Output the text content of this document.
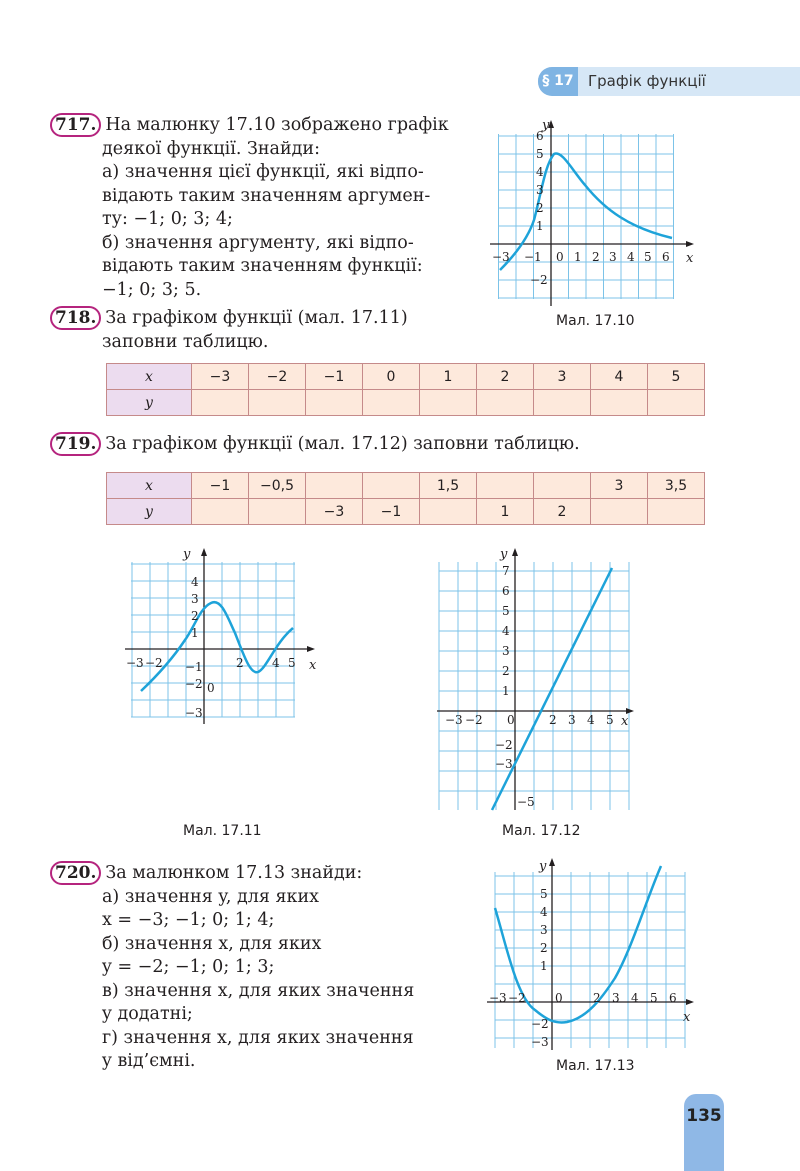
§ 17 Графік функції

717. На малюнку 17.10 зображено графік

деякої функції. Знайди:

а) значення цієї функції, які відпо-

відають таким значенням аргумен-

ту: −1; 0; 3; 4;

б) значення аргументу, які відпо-

відають таким значенням функції:

−1; 0; 3; 5.

718. За графіком функції (мал. 17.11)

заповни таблицю.

x	−3	−2	−1	0	1	2	3	4	5
y									

719. За графіком функції (мал. 17.12) заповни таблицю.

x	−1	−0,5			1,5			3	3,5
y			−3	−1		1	2		
y
x
6
5
4
3
2
1
−2
−3 −1 0 1 2 3 4 5 6
Мал. 17.10
y
x
4
3
2
1
−1
−2
−3
−3 −2
0
2 4 5
Мал. 17.11
y
x
7
6
5
4
3
2
1
−2
−3
−5
−3 −2 0	2 3 4 5
Мал. 17.12

720. За малюнком 17.13 знайди:

а) значення y, для яких

x = −3; −1; 0; 1; 4;

б) значення x, для яких

y = −2; −1; 0; 1; 3;

в) значення x, для яких значення

y додатні;

г) значення x, для яких значення

y від’ємні.

y
x
5
4
3
2
1
−2
−3
−3 −2 0	2 3 4 5 6
Мал. 17.13
135
